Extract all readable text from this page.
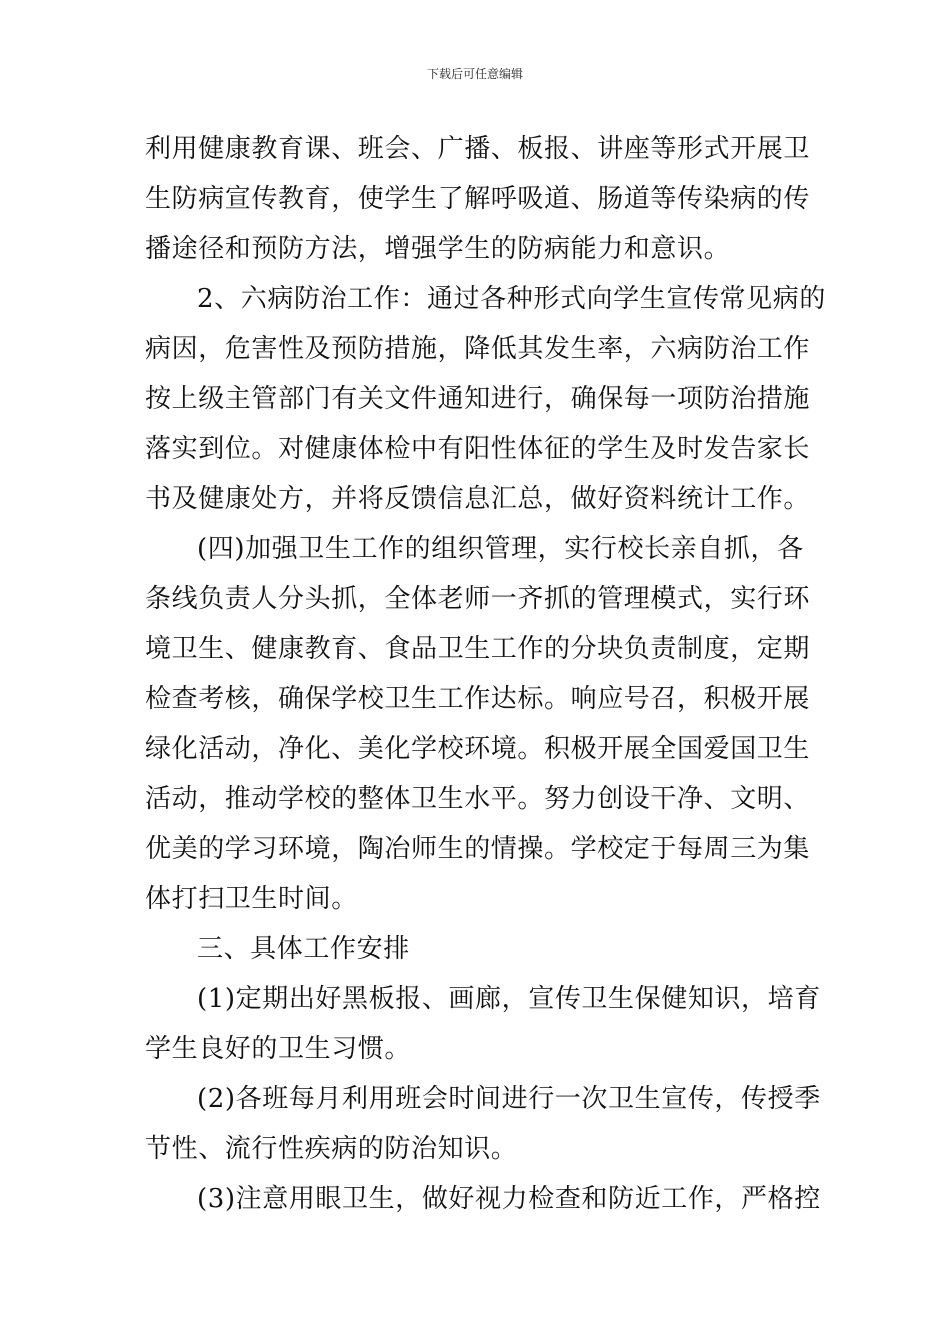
下载后可任意编辑
利用健康教育课、班会、广播、板报、讲座等形式开展卫
生防病宣传教育，使学生了解呼吸道、肠道等传染病的传
播途径和预防方法，增强学生的防病能力和意识。
2、六病防治工作：通过各种形式向学生宣传常见病的
病因，危害性及预防措施，降低其发生率，六病防治工作
按上级主管部门有关文件通知进行，确保每一项防治措施
落实到位。对健康体检中有阳性体征的学生及时发告家长
书及健康处方，并将反馈信息汇总，做好资料统计工作。
(四)加强卫生工作的组织管理，实行校长亲自抓，各
条线负责人分头抓，全体老师一齐抓的管理模式，实行环
境卫生、健康教育、食品卫生工作的分块负责制度，定期
检查考核，确保学校卫生工作达标。响应号召，积极开展
绿化活动，净化、美化学校环境。积极开展全国爱国卫生
活动，推动学校的整体卫生水平。努力创设干净、文明、
优美的学习环境，陶冶师生的情操。学校定于每周三为集
体打扫卫生时间。
三、具体工作安排
(1)定期出好黑板报、画廊，宣传卫生保健知识，培育
学生良好的卫生习惯。
(2)各班每月利用班会时间进行一次卫生宣传，传授季
节性、流行性疾病的防治知识。
(3)注意用眼卫生，做好视力检查和防近工作，严格控
